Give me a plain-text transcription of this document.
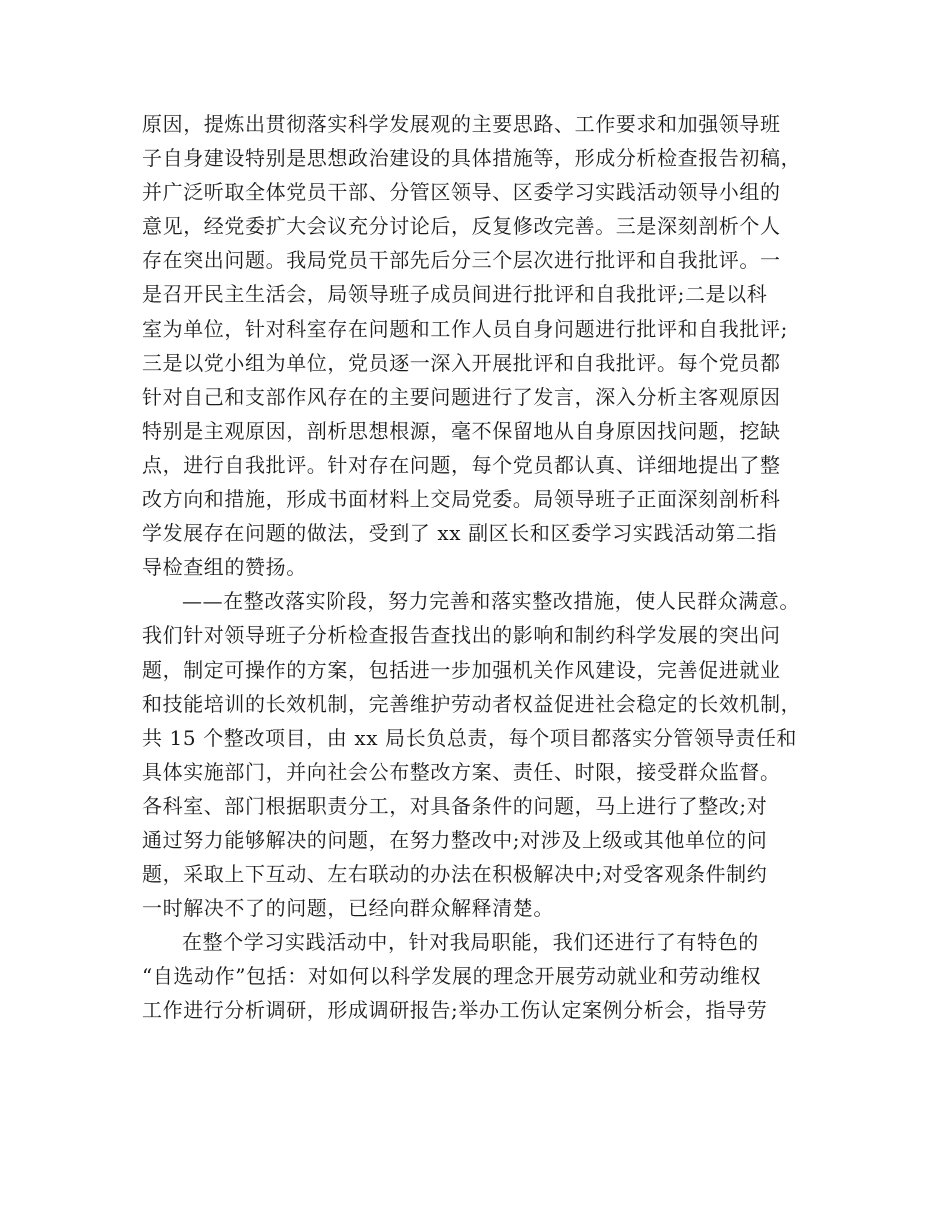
原因，提炼出贯彻落实科学发展观的主要思路、工作要求和加强领导班
子自身建设特别是思想政治建设的具体措施等，形成分析检查报告初稿，
并广泛听取全体党员干部、分管区领导、区委学习实践活动领导小组的
意见，经党委扩大会议充分讨论后，反复修改完善。三是深刻剖析个人
存在突出问题。我局党员干部先后分三个层次进行批评和自我批评。一
是召开民主生活会，局领导班子成员间进行批评和自我批评;二是以科
室为单位，针对科室存在问题和工作人员自身问题进行批评和自我批评;
三是以党小组为单位，党员逐一深入开展批评和自我批评。每个党员都
针对自己和支部作风存在的主要问题进行了发言，深入分析主客观原因
特别是主观原因，剖析思想根源，毫不保留地从自身原因找问题，挖缺
点，进行自我批评。针对存在问题，每个党员都认真、详细地提出了整
改方向和措施，形成书面材料上交局党委。局领导班子正面深刻剖析科
学发展存在问题的做法，受到了 xx 副区长和区委学习实践活动第二指
导检查组的赞扬。
——在整改落实阶段，努力完善和落实整改措施，使人民群众满意。
我们针对领导班子分析检查报告查找出的影响和制约科学发展的突出问
题，制定可操作的方案，包括进一步加强机关作风建设，完善促进就业
和技能培训的长效机制，完善维护劳动者权益促进社会稳定的长效机制，
共 15 个整改项目，由 xx 局长负总责，每个项目都落实分管领导责任和
具体实施部门，并向社会公布整改方案、责任、时限，接受群众监督。
各科室、部门根据职责分工，对具备条件的问题，马上进行了整改;对
通过努力能够解决的问题，在努力整改中;对涉及上级或其他单位的问
题，采取上下互动、左右联动的办法在积极解决中;对受客观条件制约
一时解决不了的问题，已经向群众解释清楚。
在整个学习实践活动中，针对我局职能，我们还进行了有特色的
“自选动作”包括：对如何以科学发展的理念开展劳动就业和劳动维权
工作进行分析调研，形成调研报告;举办工伤认定案例分析会，指导劳
